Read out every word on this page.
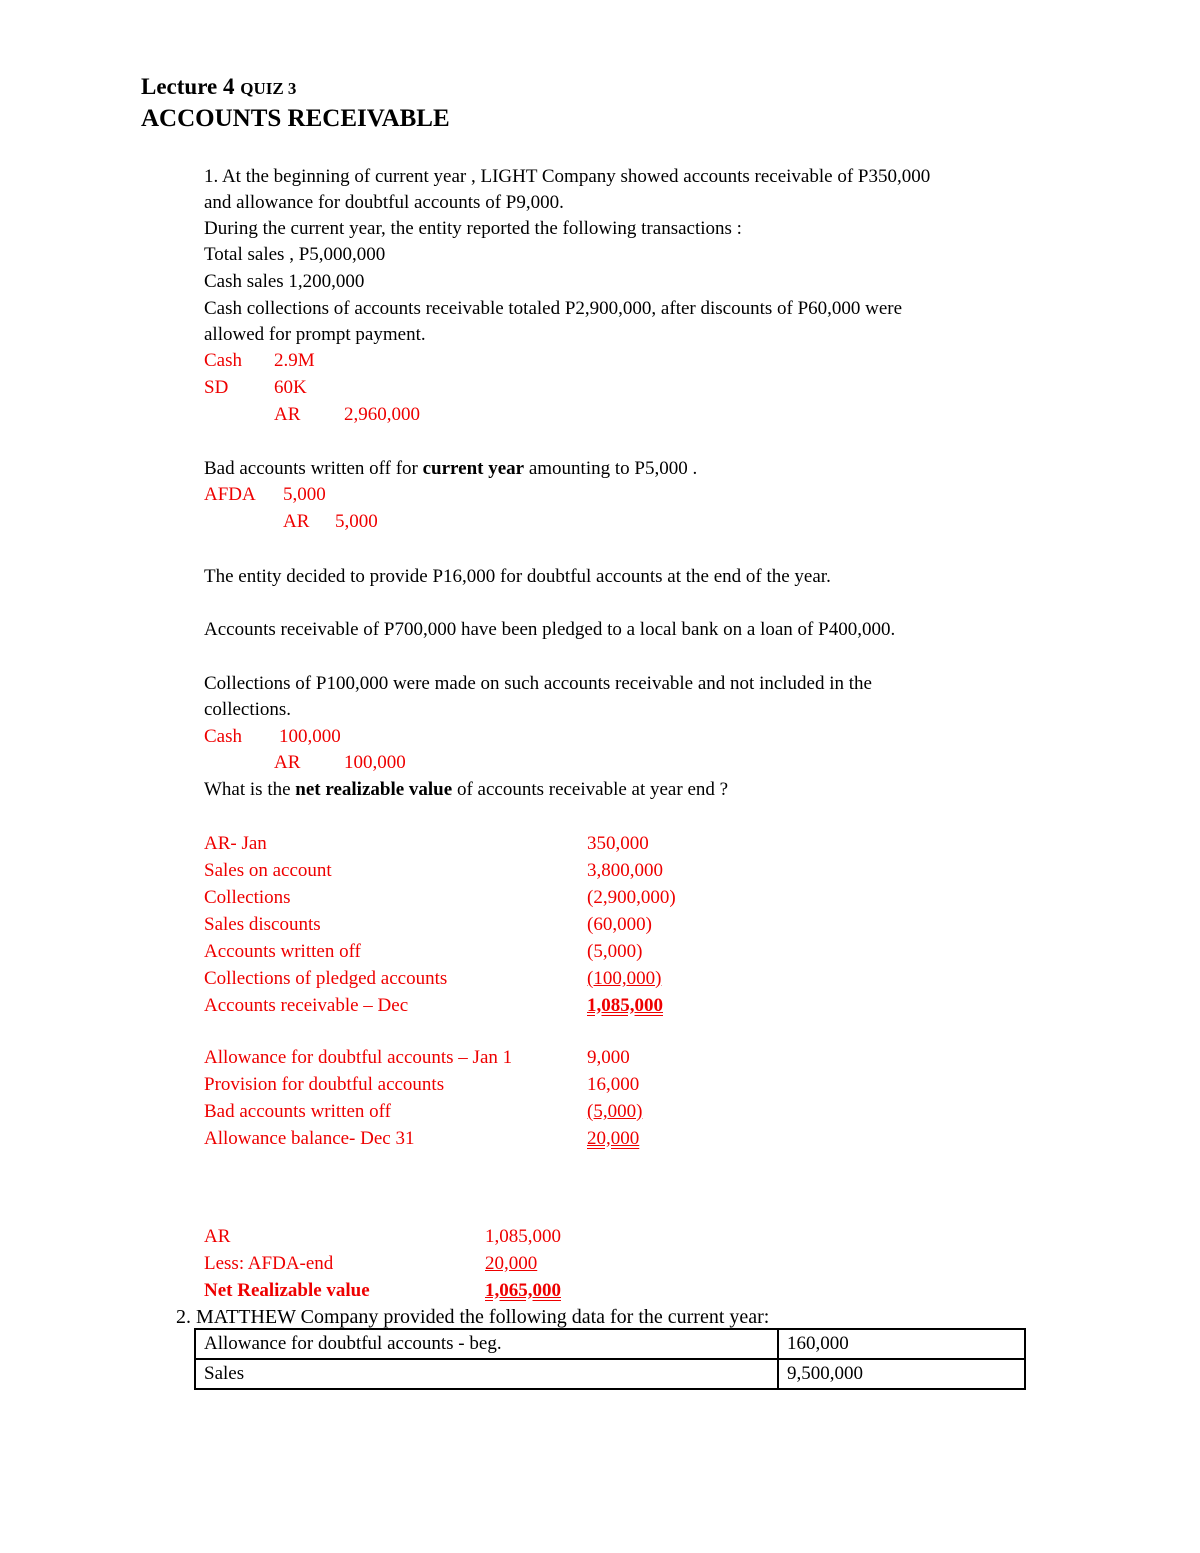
Lecture 4 QUIZ 3
ACCOUNTS RECEIVABLE
1. At the beginning of current year , LIGHT Company showed accounts receivable of P350,000
and allowance for doubtful accounts of P9,000.
During the current year, the entity reported the following transactions :
Total sales , P5,000,000
Cash sales 1,200,000
Cash collections of accounts receivable totaled P2,900,000, after discounts of P60,000 were
allowed for prompt payment.
Cash 2.9M
SD 60K
AR 2,960,000
Bad accounts written off for current year amounting to P5,000 .
AFDA 5,000
AR 5,000
The entity decided to provide P16,000 for doubtful accounts at the end of the year.
Accounts receivable of P700,000 have been pledged to a local bank on a loan of P400,000.
Collections of P100,000 were made on such accounts receivable and not included in the
collections.
Cash 100,000
AR 100,000
What is the net realizable value of accounts receivable at year end ?
AR- Jan	350,000
Sales on account	3,800,000
Collections	(2,900,000)
Sales discounts	(60,000)
Accounts written off	(5,000)
Collections of pledged accounts	(100,000)
Accounts receivable – Dec	1,085,000
Allowance for doubtful accounts – Jan 1	9,000
Provision for doubtful accounts	16,000
Bad accounts written off	(5,000)
Allowance balance- Dec 31	20,000
AR	1,085,000
Less: AFDA-end	20,000
Net Realizable value	1,065,000
2. MATTHEW Company provided the following data for the current year:
Allowance for doubtful accounts - beg.	160,000
Sales	9,500,000
